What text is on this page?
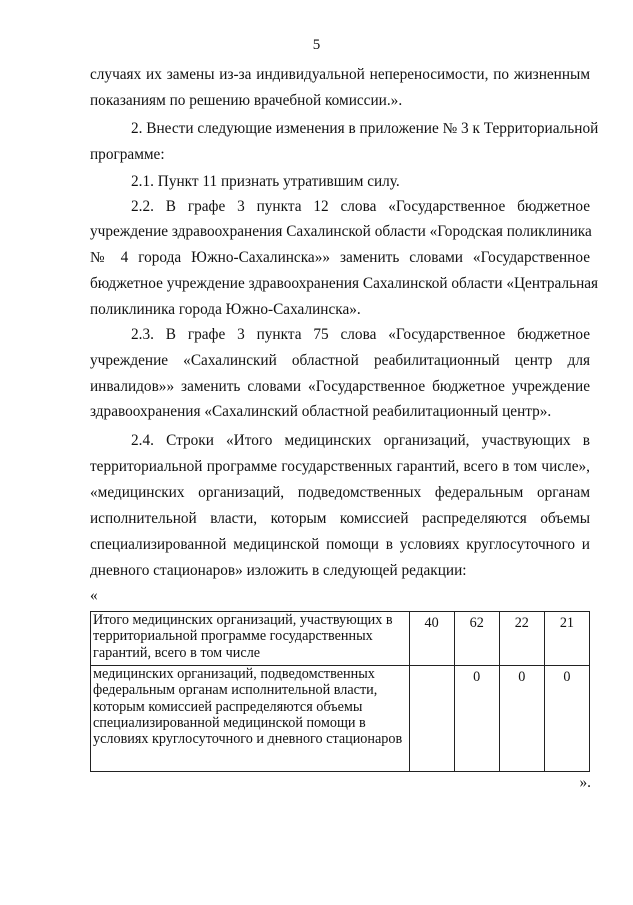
5
случаях их замены из-за индивидуальной непереносимости, по жизненным
показаниям по решению врачебной комиссии.».
2. Внести следующие изменения в приложение № 3 к Территориальной
программе:
2.1. Пункт 11 признать утратившим силу.
2.2. В графе 3 пункта 12 слова «Государственное бюджетное
учреждение здравоохранения Сахалинской области «Городская поликлиника
№ 4 города Южно-Сахалинска»» заменить словами «Государственное
бюджетное учреждение здравоохранения Сахалинской области «Центральная
поликлиника города Южно-Сахалинска».
2.3. В графе 3 пункта 75 слова «Государственное бюджетное
учреждение «Сахалинский областной реабилитационный центр для
инвалидов»» заменить словами «Государственное бюджетное учреждение
здравоохранения «Сахалинский областной реабилитационный центр».
2.4. Строки «Итого медицинских организаций, участвующих в
территориальной программе государственных гарантий, всего в том числе»,
«медицинских организаций, подведомственных федеральным органам
исполнительной власти, которым комиссией распределяются объемы
специализированной медицинской помощи в условиях круглосуточного и
дневного стационаров» изложить в следующей редакции:
«
Итого медицинских организаций, участвующих в территориальной программе государственных гарантий, всего в том числе	40	62	22	21
медицинских организаций, подведомственных федеральным органам исполнительной власти, которым комиссией распределяются объемы специализированной медицинской помощи в условиях круглосуточного и дневного стационаров		0	0	0
».
